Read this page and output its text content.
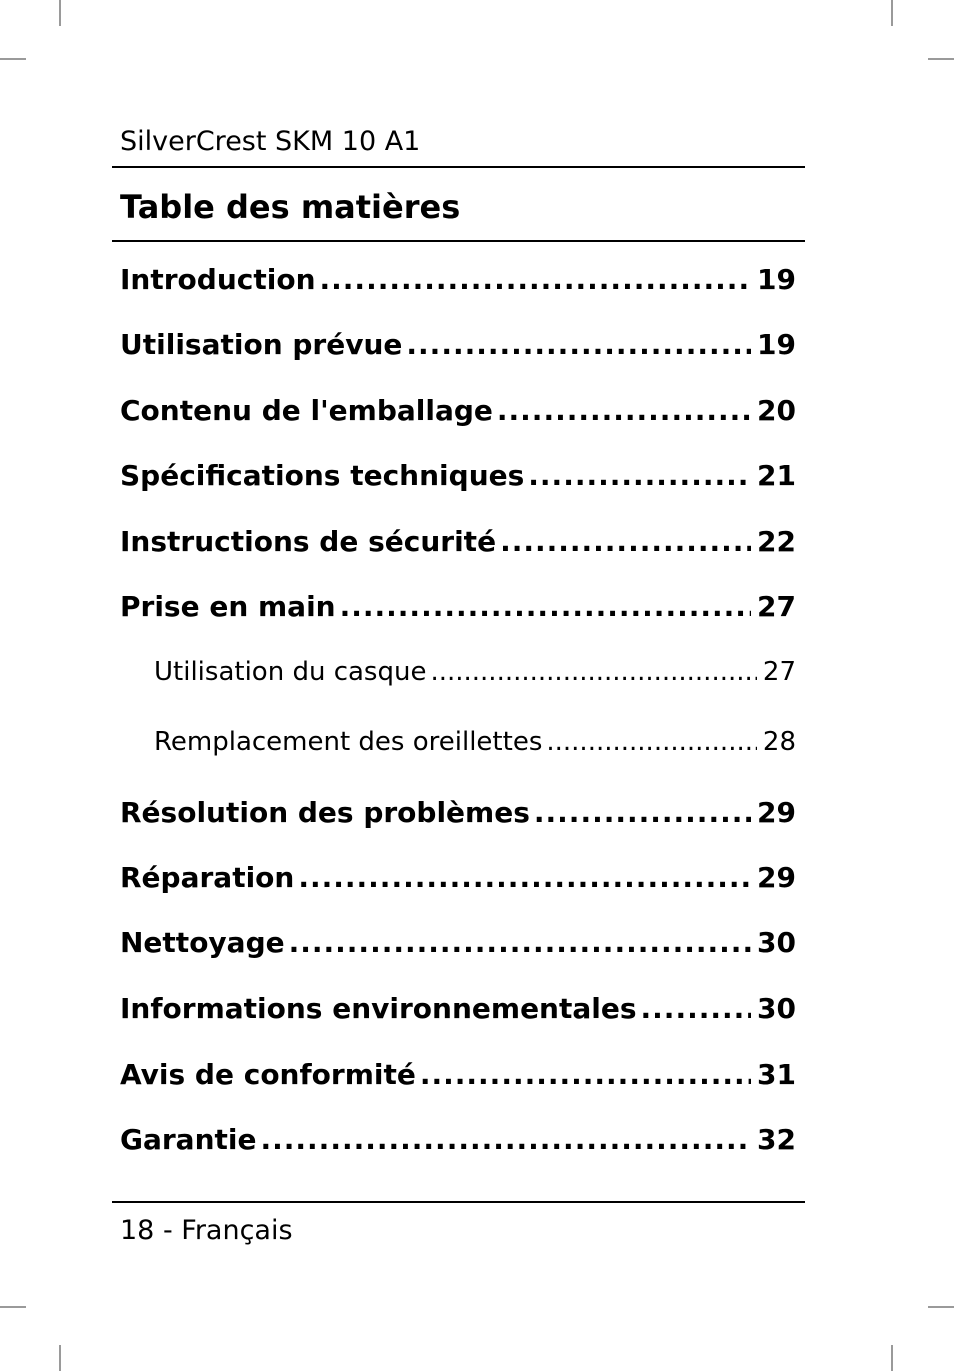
SilverCrest SKM 10 A1
Table des matières
Introduction .....	19
Utilisation prévue .....	19
Contenu de l'emballage .....	20
Spécifications techniques .....	21
Instructions de sécurité .....	22
Prise en main .....	27
Utilisation du casque .....	27
Remplacement des oreillettes .....	28
Résolution des problèmes .....	29
Réparation .....	29
Nettoyage .....	30
Informations environnementales .....	30
Avis de conformité .....	31
Garantie .....	32
18 - Français
